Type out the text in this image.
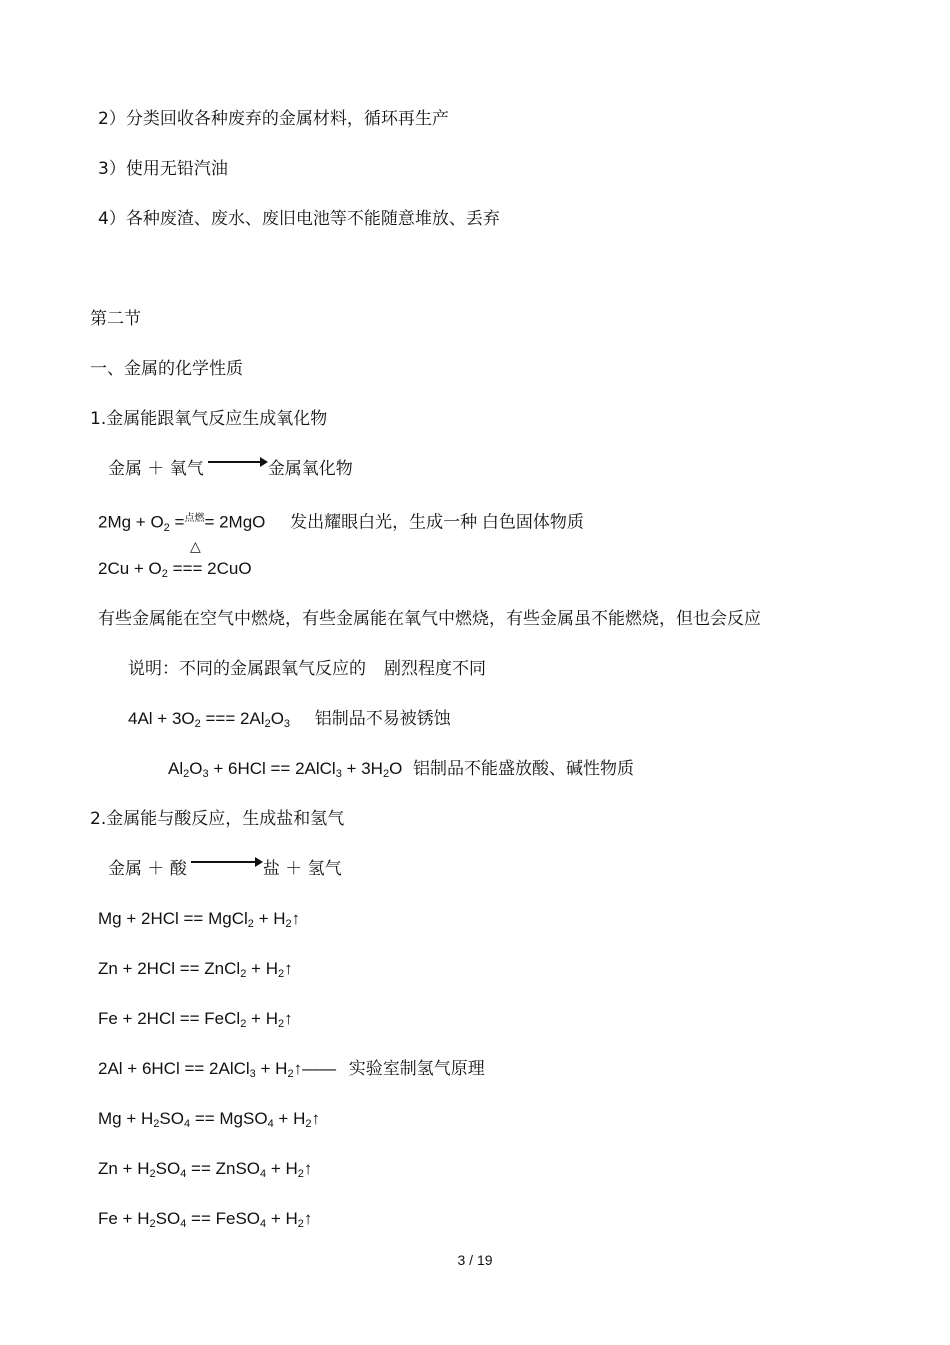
2）分类回收各种废弃的金属材料，循环再生产
3）使用无铅汽油
4）各种废渣、废水、废旧电池等不能随意堆放、丢弃
第二节
一、金属的化学性质
1.金属能跟氧气反应生成氧化物
金属 ＋ 氧气	金属氧化物
2Mg + O2 =$^{点燃}$= 2MgO 发出耀眼白光，生成一种 白色固体物质
△
2Cu + O2 === 2CuO
有些金属能在空气中燃烧，有些金属能在氧气中燃烧，有些金属虽不能燃烧，但也会反应
说明：不同的金属跟氧气反应的 剧烈程度不同
4Al + 3O2 === 2Al2O3 铝制品不易被锈蚀
Al2O3 + 6HCl == 2AlCl3 + 3H2O 铝制品不能盛放酸、碱性物质
2.金属能与酸反应，生成盐和氢气
金属 ＋ 酸	盐 ＋ 氢气
Mg + 2HCl == MgCl2 + H2↑
Zn + 2HCl == ZnCl2 + H2↑
Fe + 2HCl == FeCl2 + H2↑
2Al + 6HCl == 2AlCl3 + H2↑—— 实验室制氢气原理
Mg + H2SO4 == MgSO4 + H2↑
Zn + H2SO4 == ZnSO4 + H2↑
Fe + H2SO4 == FeSO4 + H2↑
3 / 19
